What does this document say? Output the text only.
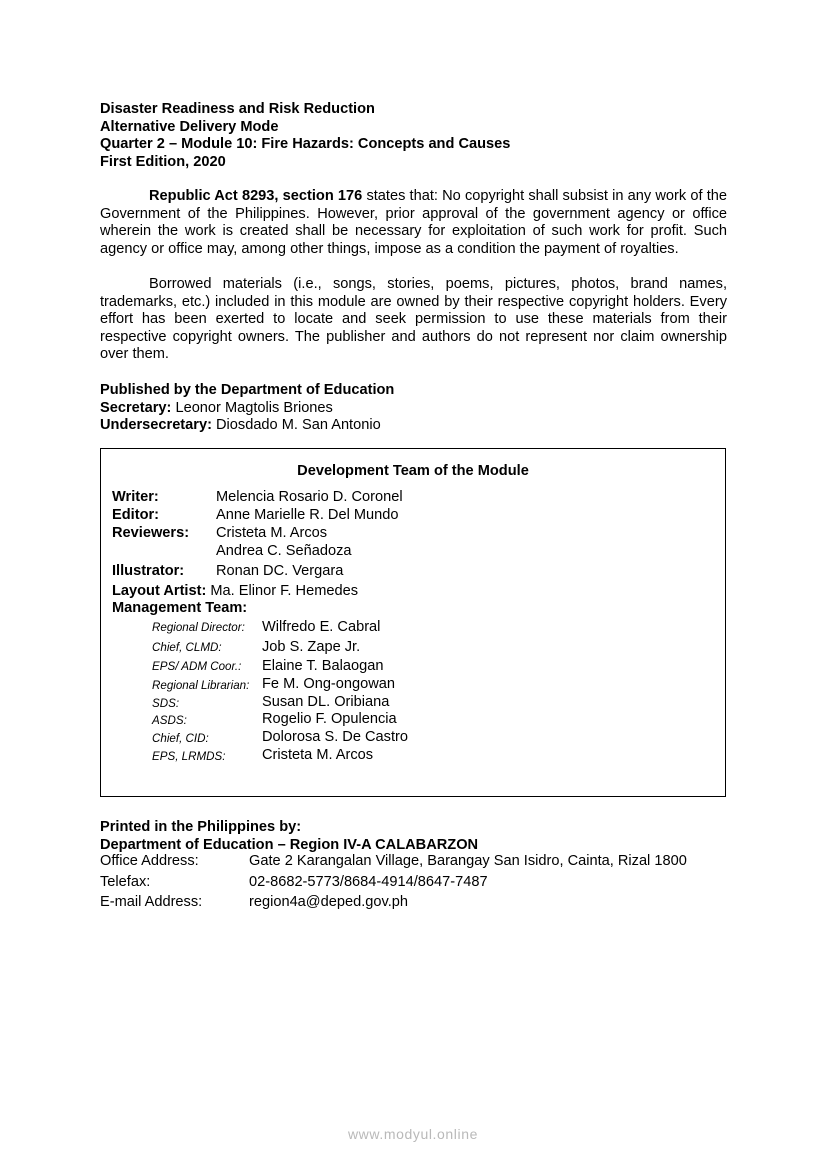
Disaster Readiness and Risk Reduction
Alternative Delivery Mode
Quarter 2 – Module 10: Fire Hazards: Concepts and Causes
First Edition, 2020

Republic Act 8293, section 176 states that: No copyright shall subsist in any work of the Government of the Philippines. However, prior approval of the government agency or office wherein the work is created shall be necessary for exploitation of such work for profit. Such agency or office may, among other things, impose as a condition the payment of royalties.

Borrowed materials (i.e., songs, stories, poems, pictures, photos, brand names, trademarks, etc.) included in this module are owned by their respective copyright holders. Every effort has been exerted to locate and seek permission to use these materials from their respective copyright owners. The publisher and authors do not represent nor claim ownership over them.

Published by the Department of Education
Secretary: Leonor Magtolis Briones
Undersecretary: Diosdado M. San Antonio
Development Team of the Module
Writer:	Melencia Rosario D. Coronel
Editor:	Anne Marielle R. Del Mundo
Reviewers: Cristeta M. Arcos
Andrea C. Señadoza
Illustrator: Ronan DC. Vergara
Layout Artist: Ma. Elinor F. Hemedes
Management Team:
Regional Director: Wilfredo E. Cabral
Chief, CLMD:	Job S. Zape Jr.
EPS/ ADM Coor.: Elaine T. Balaogan
Regional Librarian: Fe M. Ong-ongowan
SDS:	Susan DL. Oribiana
ASDS:	Rogelio F. Opulencia
Chief, CID:	Dolorosa S. De Castro
EPS, LRMDS:	Cristeta M. Arcos
Printed in the Philippines by:
Department of Education – Region IV-A CALABARZON
Office Address:	Gate 2 Karangalan Village, Barangay San Isidro, Cainta, Rizal 1800
Telefax:	02-8682-5773/8684-4914/8647-7487
E-mail Address:	region4a@deped.gov.ph
www.modyul.online
